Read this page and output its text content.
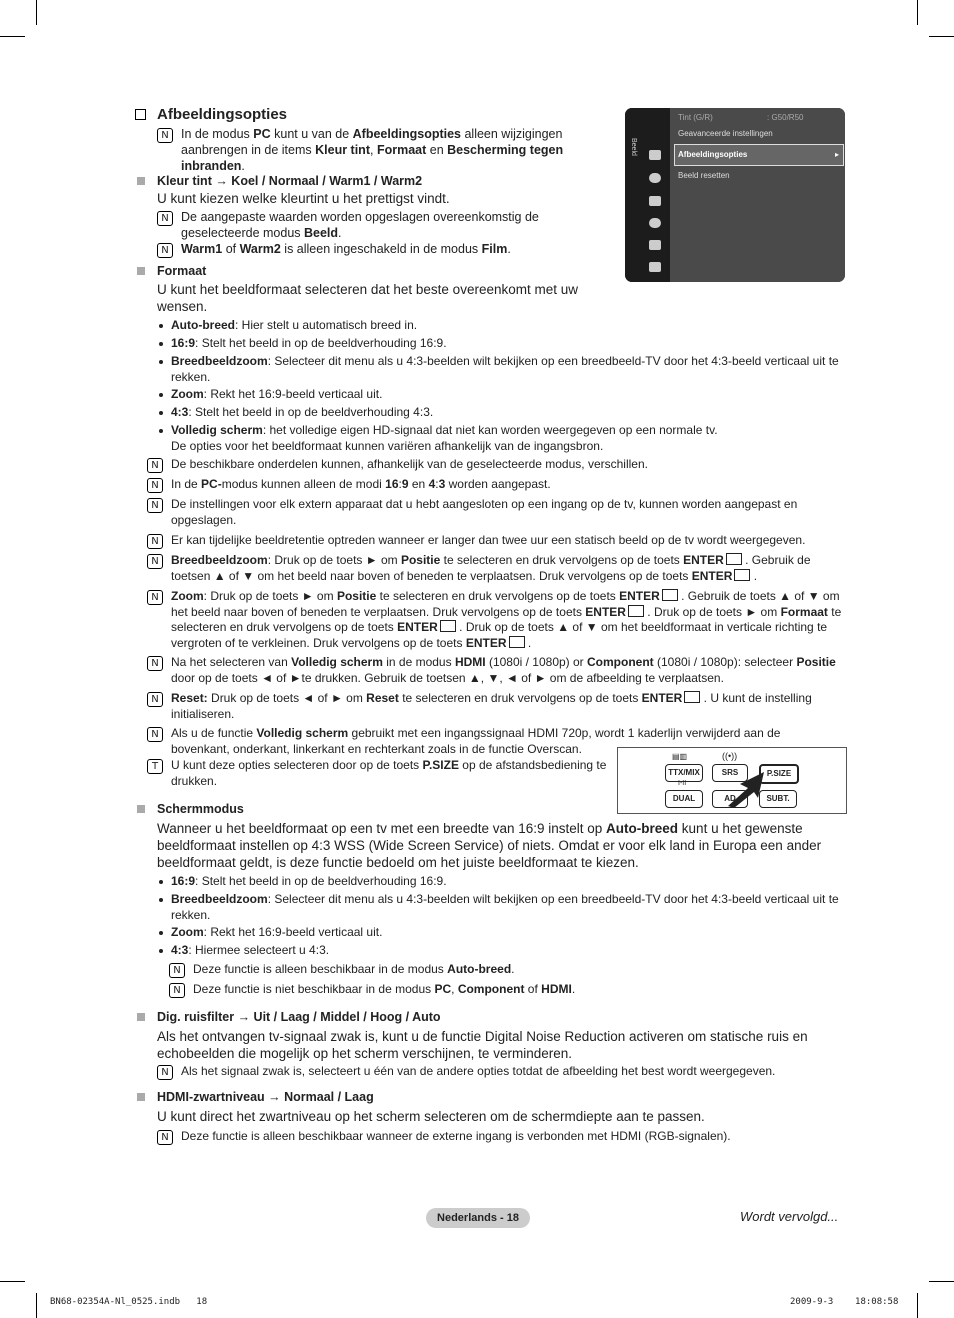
Afbeeldingsopties
N In de modus PC kunt u van de Afbeeldingsopties alleen wijzigingen aanbrengen in de items Kleur tint, Formaat en Bescherming tegen inbranden.
Kleur tint → Koel / Normaal / Warm1 / Warm2
U kunt kiezen welke kleurtint u het prettigst vindt.
N De aangepaste waarden worden opgeslagen overeenkomstig de geselecteerde modus Beeld.
N Warm1 of Warm2 is alleen ingeschakeld in de modus Film.
Formaat
U kunt het beeldformaat selecteren dat het beste overeenkomt met uw wensen.
Auto-breed: Hier stelt u automatisch breed in.
16:9: Stelt het beeld in op de beeldverhouding 16:9.
Breedbeeldzoom: Selecteer dit menu als u 4:3-beelden wilt bekijken op een breedbeeld-TV door het 4:3-beeld verticaal uit te rekken.
Zoom: Rekt het 16:9-beeld verticaal uit.
4:3: Stelt het beeld in op de beeldverhouding 4:3.
Volledig scherm: het volledige eigen HD-signaal dat niet kan worden weergegeven op een normale tv.
De opties voor het beeldformaat kunnen variëren afhankelijk van de ingangsbron.
N	De beschikbare onderdelen kunnen, afhankelijk van de geselecteerde modus, verschillen.
N	In de PC-modus kunnen alleen de modi 16:9 en 4:3 worden aangepast.
N	De instellingen voor elk extern apparaat dat u hebt aangesloten op een ingang op de tv, kunnen worden aangepast en opgeslagen.
N	Er kan tijdelijke beeldretentie optreden wanneer er langer dan twee uur een statisch beeld op de tv wordt weergegeven.
N	Breedbeeldzoom: Druk op de toets ► om Positie te selecteren en druk vervolgens op de toets ENTER . Gebruik de toetsen ▲ of ▼ om het beeld naar boven of beneden te verplaatsen. Druk vervolgens op de toets ENTER .
N	Zoom: Druk op de toets ► om Positie te selecteren en druk vervolgens op de toets ENTER . Gebruik de toets ▲ of ▼ om het beeld naar boven of beneden te verplaatsen. Druk vervolgens op de toets ENTER . Druk op de toets ► om Formaat te selecteren en druk vervolgens op de toets ENTER . Druk op de toets ▲ of ▼ om het beeldformaat in verticale richting te vergroten of te verkleinen. Druk vervolgens op de toets ENTER .
N	Na het selecteren van Volledig scherm in de modus HDMI (1080i / 1080p) or Component (1080i / 1080p): selecteer Positie door op de toets ◄ of ►te drukken. Gebruik de toetsen ▲, ▼, ◄ of ► om de afbeelding te verplaatsen.
N	Reset: Druk op de toets ◄ of ► om Reset te selecteren en druk vervolgens op de toets ENTER . U kunt de instelling initialiseren.
N	Als u de functie Volledig scherm gebruikt met een ingangssignaal HDMI 720p, wordt 1 kaderlijn verwijderd aan de bovenkant, onderkant, linkerkant en rechterkant zoals in de functie Overscan.
T	U kunt deze opties selecteren door op de toets P.SIZE op de afstandsbediening te drukken.
▤▥	((•))
TTX/MIX	SRS	P.SIZE
I-II
DUAL	AD	SUBT.
Beeld
Tint (G/R)	: G50/R50
Geavanceerde instellingen
Afbeeldingsopties	▸
Beeld resetten
Schermmodus
Wanneer u het beeldformaat op een tv met een breedte van 16:9 instelt op Auto-breed kunt u het gewenste beeldformaat instellen op 4:3 WSS (Wide Screen Service) of niets. Omdat er voor elk land in Europa een ander beeldformaat geldt, is deze functie bedoeld om het juiste beeldformaat te kiezen.
16:9: Stelt het beeld in op de beeldverhouding 16:9.
Breedbeeldzoom: Selecteer dit menu als u 4:3-beelden wilt bekijken op een breedbeeld-TV door het 4:3-beeld verticaal uit te rekken.
Zoom: Rekt het 16:9-beeld verticaal uit.
4:3: Hiermee selecteert u 4:3.
N	Deze functie is alleen beschikbaar in de modus Auto-breed.
N	Deze functie is niet beschikbaar in de modus PC, Component of HDMI.
Dig. ruisfilter → Uit / Laag / Middel / Hoog / Auto
Als het ontvangen tv-signaal zwak is, kunt u de functie Digital Noise Reduction activeren om statische ruis en echobeelden die mogelijk op het scherm verschijnen, te verminderen.
N	Als het signaal zwak is, selecteert u één van de andere opties totdat de afbeelding het best wordt weergegeven.
HDMI-zwartniveau → Normaal / Laag
U kunt direct het zwartniveau op het scherm selecteren om de schermdiepte aan te passen.
N	Deze functie is alleen beschikbaar wanneer de externe ingang is verbonden met HDMI (RGB-signalen).
Nederlands - 18	Wordt vervolgd...
BN68-02354A-Nl_0525.indb   18	2009-9-3    18:08:58
